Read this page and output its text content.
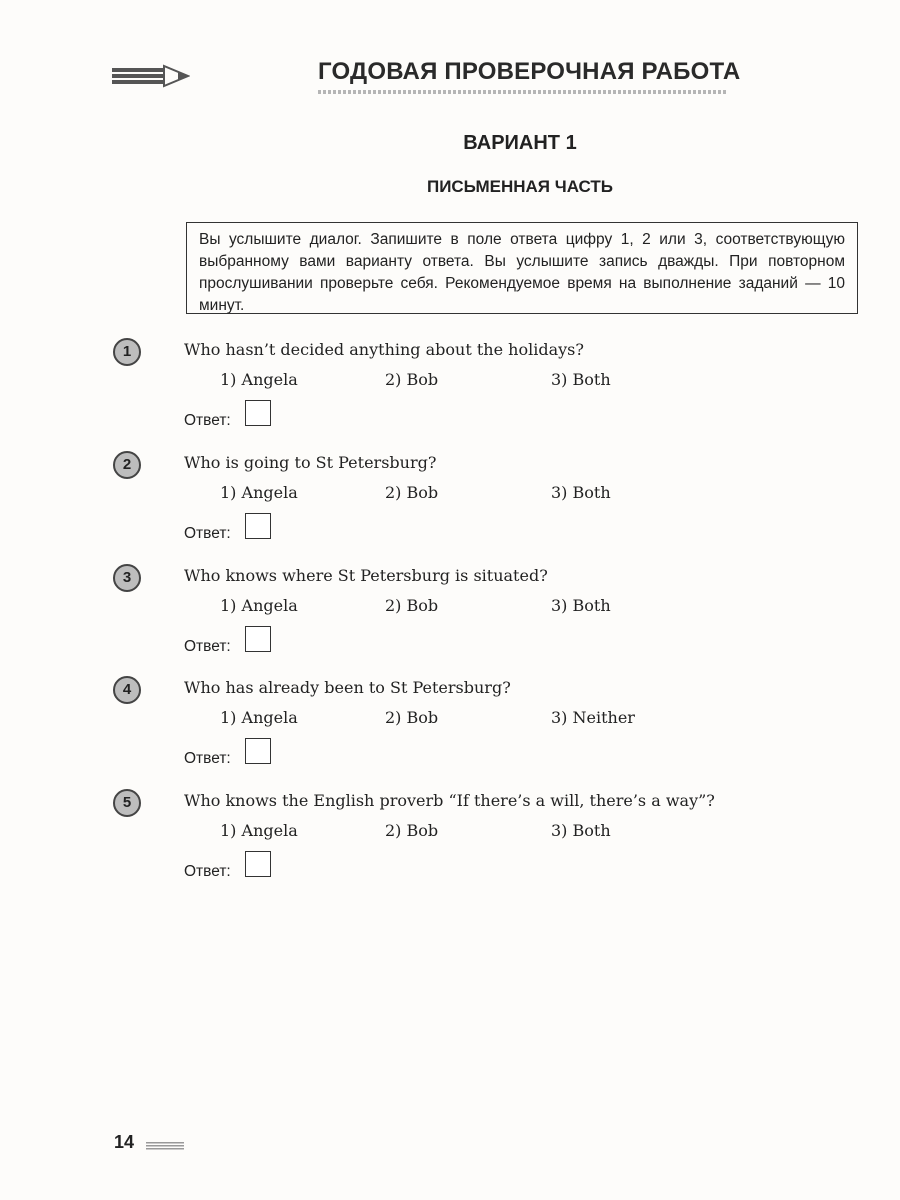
ГОДОВАЯ ПРОВЕРОЧНАЯ РАБОТА
ВАРИАНТ 1
ПИСЬМЕННАЯ ЧАСТЬ
Вы услышите диалог. Запишите в поле ответа цифру 1, 2 или 3, соответствующую выбранному вами варианту ответа. Вы услышите запись дважды. При повторном прослушивании проверьте себя. Рекомендуемое время на выполнение заданий — 10 минут.
1	Who hasn’t decided anything about the holidays?
1) Angela	2) Bob	3) Both
Ответ:
2	Who is going to St Petersburg?
1) Angela	2) Bob	3) Both
Ответ:
3	Who knows where St Petersburg is situated?
1) Angela	2) Bob	3) Both
Ответ:
4	Who has already been to St Petersburg?
1) Angela	2) Bob	3) Neither
Ответ:
5	Who knows the English proverb “If there’s a will, there’s a way”?
1) Angela	2) Bob	3) Both
Ответ:
14
